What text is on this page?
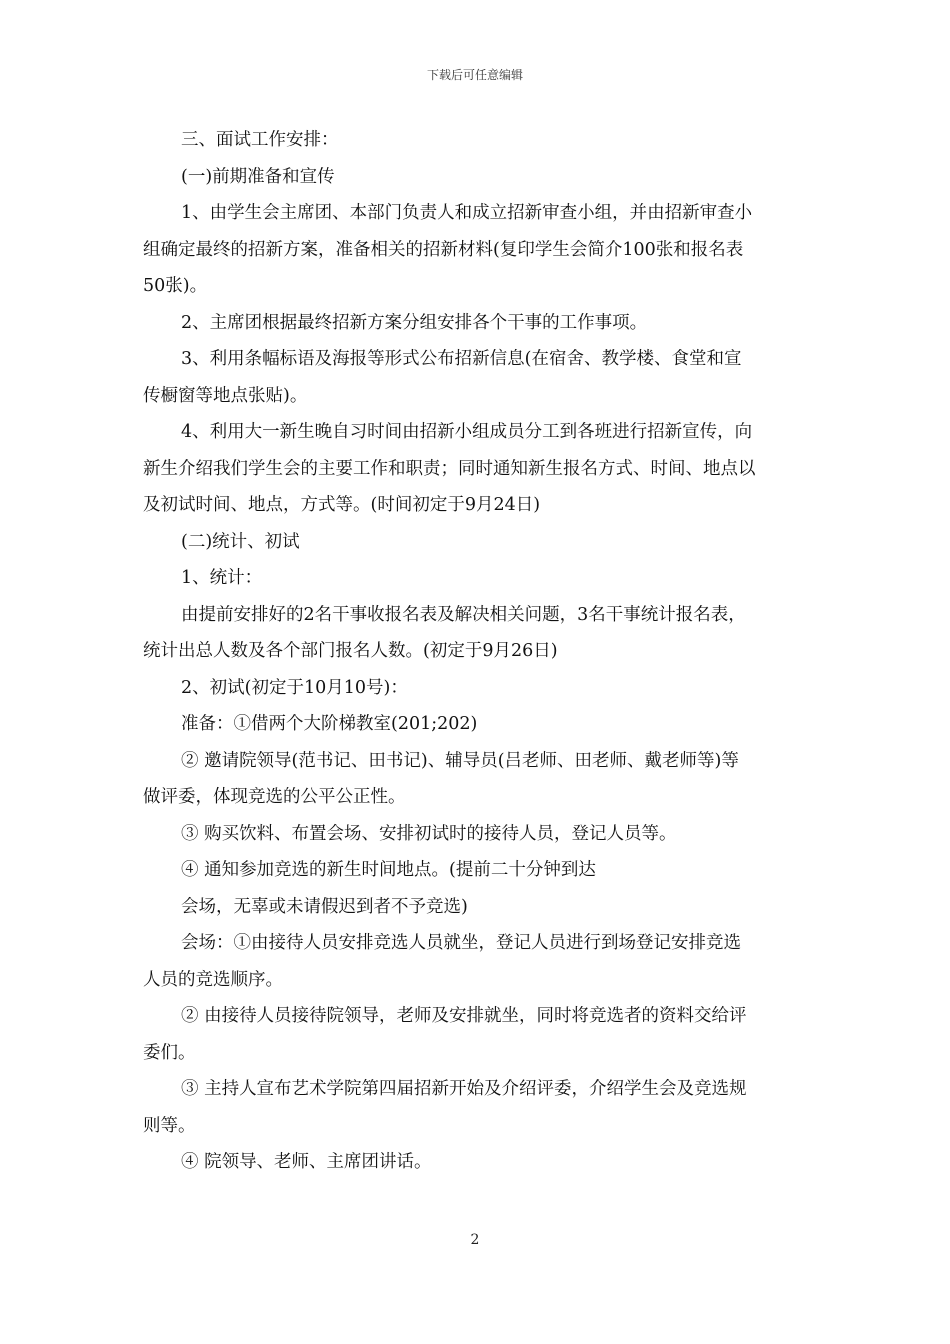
下载后可任意编辑
三、面试工作安排：
(一)前期准备和宣传
1、由学生会主席团、本部门负责人和成立招新审查小组，并由招新审查小
组确定最终的招新方案，准备相关的招新材料(复印学生会简介100张和报名表
50张)。
2、主席团根据最终招新方案分组安排各个干事的工作事项。
3、利用条幅标语及海报等形式公布招新信息(在宿舍、教学楼、食堂和宣
传橱窗等地点张贴)。
4、利用大一新生晚自习时间由招新小组成员分工到各班进行招新宣传，向
新生介绍我们学生会的主要工作和职责；同时通知新生报名方式、时间、地点以
及初试时间、地点，方式等。(时间初定于9月24日)
(二)统计、初试
1、统计：
由提前安排好的2名干事收报名表及解决相关问题，3名干事统计报名表，
统计出总人数及各个部门报名人数。(初定于9月26日)
2、初试(初定于10月10号)：
准备：①借两个大阶梯教室(201;202)
② 邀请院领导(范书记、田书记)、辅导员(吕老师、田老师、戴老师等)等
做评委，体现竞选的公平公正性。
③ 购买饮料、布置会场、安排初试时的接待人员，登记人员等。
④ 通知参加竞选的新生时间地点。(提前二十分钟到达
会场，无辜或未请假迟到者不予竞选)
会场：①由接待人员安排竞选人员就坐，登记人员进行到场登记安排竞选
人员的竞选顺序。
② 由接待人员接待院领导，老师及安排就坐，同时将竞选者的资料交给评
委们。
③ 主持人宣布艺术学院第四届招新开始及介绍评委，介绍学生会及竞选规
则等。
④ 院领导、老师、主席团讲话。
2
